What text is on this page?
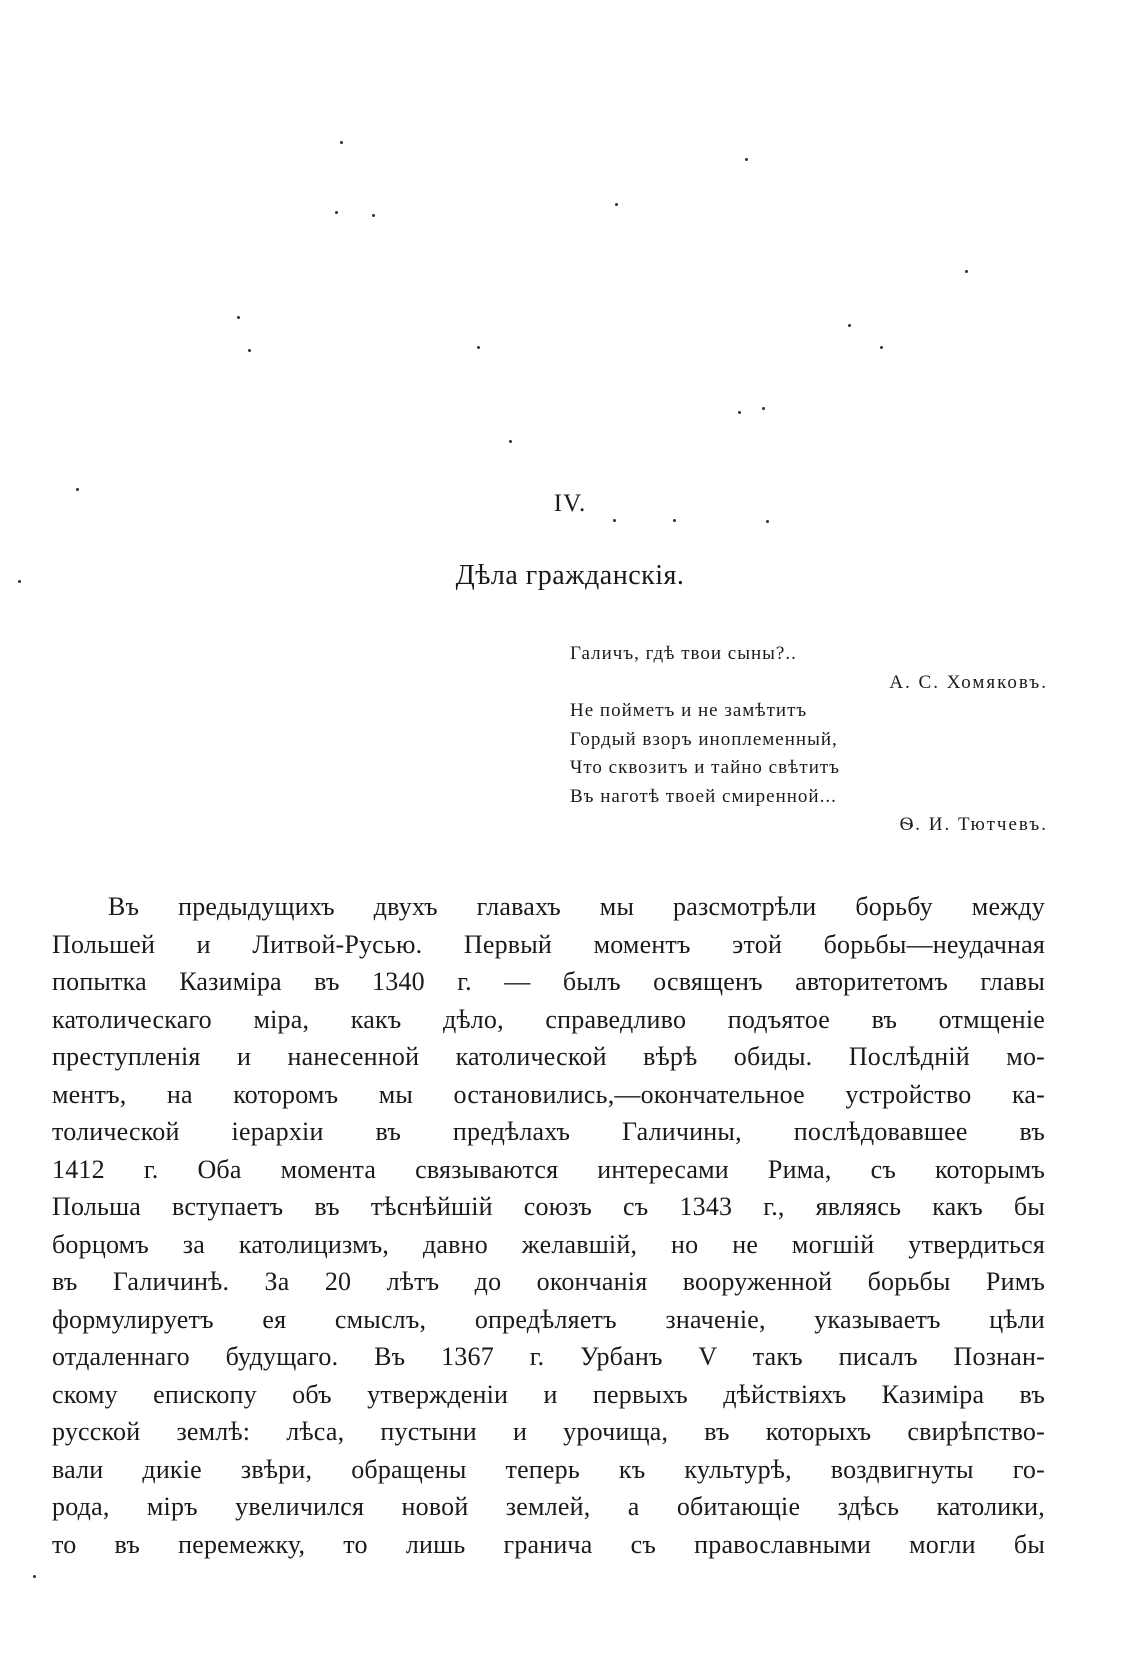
IV.
Дѣла гражданскія.
Галичъ, гдѣ твои сыны?..
А. С. Хомяковъ.
Не пойметъ и не замѣтитъ
Гордый взоръ иноплеменный,
Что сквозитъ и тайно свѣтитъ
Въ наготѣ твоей смиренной...
Ѳ. И. Тютчевъ.
Въ предыдущихъ двухъ главахъ мы разсмотрѣли борьбу между
Польшей и Литвой-Русью. Первый моментъ этой борьбы—неудачная
попытка Казиміра въ 1340 г. — былъ освященъ авторитетомъ главы
католическаго міра, какъ дѣло, справедливо подъятое въ отмщеніе
преступленія и нанесенной католической вѣрѣ обиды. Послѣдній мо-
ментъ, на которомъ мы остановились,—окончательное устройство ка-
толической іерархіи въ предѣлахъ Галичины, послѣдовавшее въ
1412 г. Оба момента связываются интересами Рима, съ которымъ
Польша вступаетъ въ тѣснѣйшій союзъ съ 1343 г., являясь какъ бы
борцомъ за католицизмъ, давно желавшій, но не могшій утвердиться
въ Галичинѣ. За 20 лѣтъ до окончанія вооруженной борьбы Римъ
формулируетъ ея смыслъ, опредѣляетъ значеніе, указываетъ цѣли
отдаленнаго будущаго. Въ 1367 г. Урбанъ V такъ писалъ Познан-
скому епископу объ утвержденіи и первыхъ дѣйствіяхъ Казиміра въ
русской землѣ: лѣса, пустыни и урочища, въ которыхъ свирѣпство-
вали дикіе звѣри, обращены теперь къ культурѣ, воздвигнуты го-
рода, міръ увеличился новой землей, а обитающіе здѣсь католики,
то въ перемежку, то лишь граничa съ православными могли бы
